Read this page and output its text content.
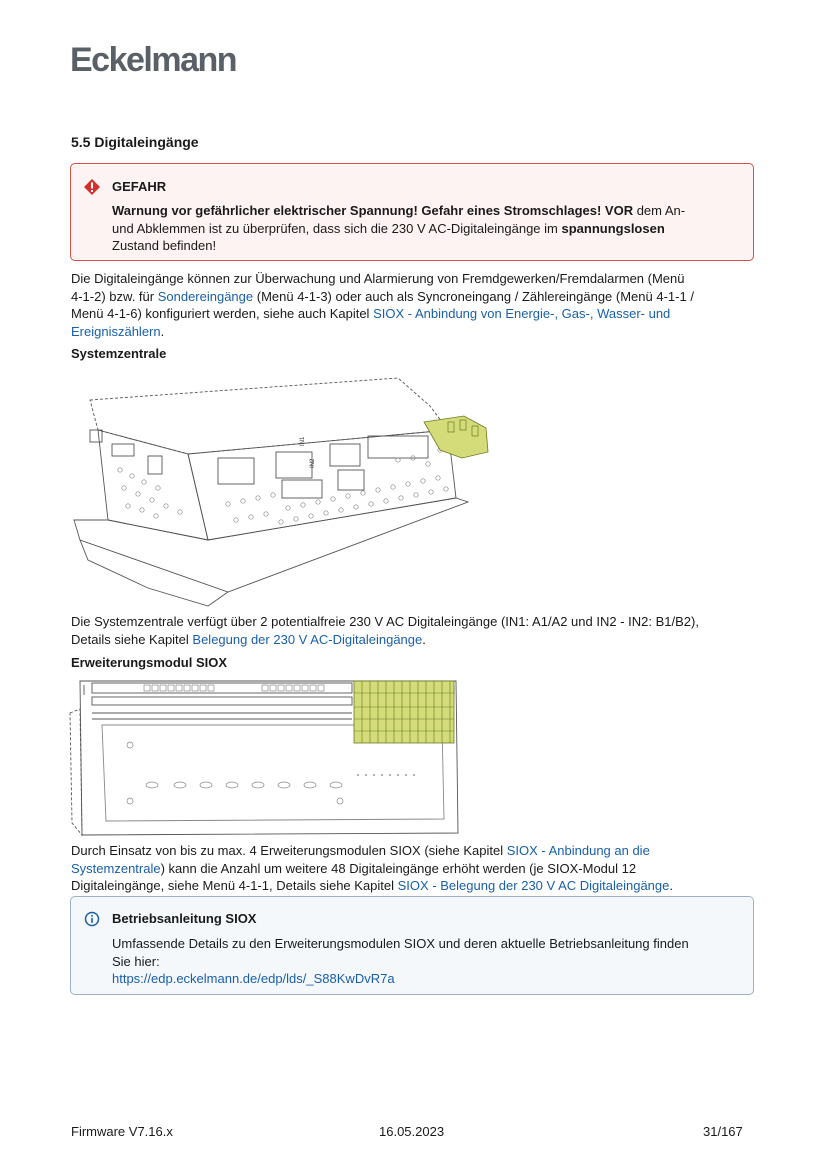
Eckelmann
5.5 Digitaleingänge
GEFAHR
Warnung vor gefährlicher elektrischer Spannung! Gefahr eines Stromschlages! VOR dem An-
und Abklemmen ist zu überprüfen, dass sich die 230 V AC-Digitaleingänge im spannungslosen
Zustand befinden!
Die Digitaleingänge können zur Überwachung und Alarmierung von Fremdgewerken/Fremdalarmen (Menü
4-1-2) bzw. für Sondereingänge (Menü 4-1-3) oder auch als Syncroneingang / Zählereingänge (Menü 4-1-1 /
Menü 4-1-6) konfiguriert werden, siehe auch Kapitel SIOX - Anbindung von Energie-, Gas-, Wasser- und
Ereigniszählern.
Systemzentrale
IN1
IN2
Die Systemzentrale verfügt über 2 potentialfreie 230 V AC Digitaleingänge (IN1: A1/A2 und IN2 - IN2: B1/B2),
Details siehe Kapitel Belegung der 230 V AC-Digitaleingänge.
Erweiterungsmodul SIOX
Durch Einsatz von bis zu max. 4 Erweiterungsmodulen SIOX (siehe Kapitel SIOX - Anbindung an die
Systemzentrale) kann die Anzahl um weitere 48 Digitaleingänge erhöht werden (je SIOX-Modul 12
Digitaleingänge, siehe Menü 4-1-1, Details siehe Kapitel SIOX - Belegung der 230 V AC Digitaleingänge.
Betriebsanleitung SIOX
Umfassende Details zu den Erweiterungsmodulen SIOX und deren aktuelle Betriebsanleitung finden
Sie hier:
https://edp.eckelmann.de/edp/lds/_S88KwDvR7a
Firmware V7.16.x	16.05.2023	31/167
